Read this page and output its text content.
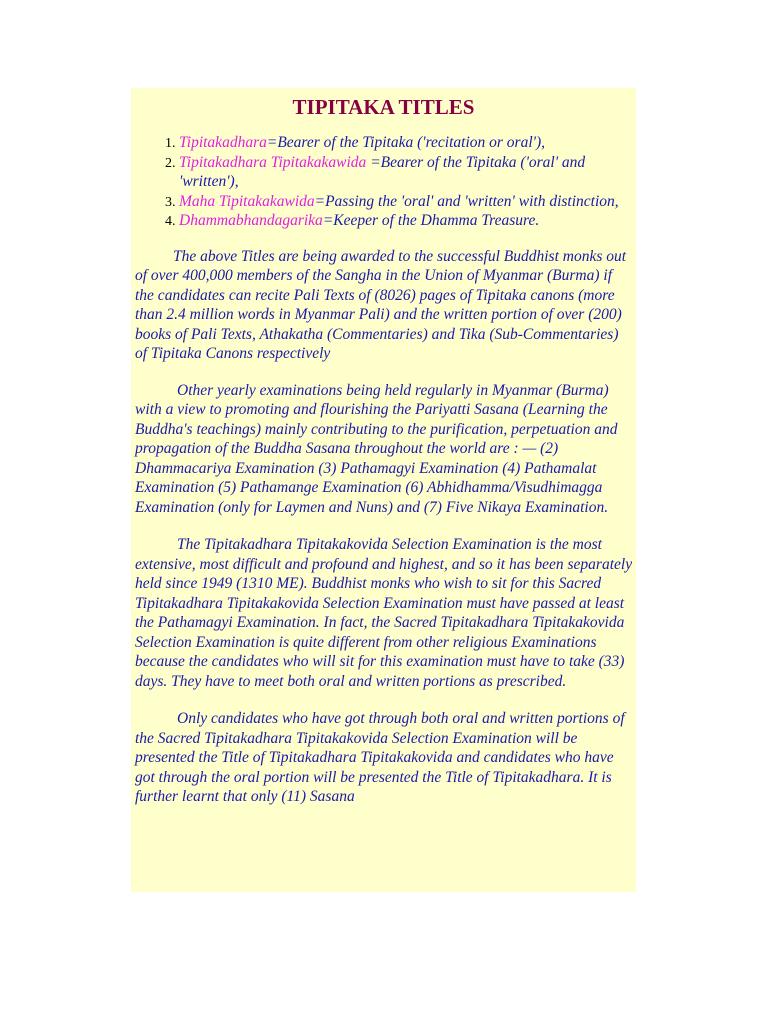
TIPITAKA TITLES
1. Tipitakadhara=Bearer of the Tipitaka ('recitation or oral'),
2. Tipitakadhara Tipitakakawida =Bearer of the Tipitaka ('oral' and 'written'),
3. Maha Tipitakakawida=Passing the 'oral' and 'written' with distinction,
4. Dhammabhandagarika=Keeper of the Dhamma Treasure.

The above Titles are being awarded to the successful Buddhist monks out of over 400,000 members of the Sangha in the Union of Myanmar (Burma) if the candidates can recite Pali Texts of (8026) pages of Tipitaka canons (more than 2.4 million words in Myanmar Pali) and the written portion of over (200) books of Pali Texts, Athakatha (Commentaries) and Tika (Sub-Commentaries) of Tipitaka Canons respectively

Other yearly examinations being held regularly in Myanmar (Burma) with a view to promoting and flourishing the Pariyatti Sasana (Learning the Buddha's teachings) mainly contributing to the purification, perpetuation and propagation of the Buddha Sasana throughout the world are : — (2) Dhammacariya Examination (3) Pathamagyi Examination (4) Pathamalat Examination (5) Pathamange Examination (6) Abhidhamma/Visudhimagga Examination (only for Laymen and Nuns) and (7) Five Nikaya Examination.

The Tipitakadhara Tipitakakovida Selection Examination is the most extensive, most difficult and profound and highest, and so it has been separately held since 1949 (1310 ME). Buddhist monks who wish to sit for this Sacred Tipitakadhara Tipitakakovida Selection Examination must have passed at least the Pathamagyi Examination. In fact, the Sacred Tipitakadhara Tipitakakovida Selection Examination is quite different from other religious Examinations because the candidates who will sit for this examination must have to take (33) days. They have to meet both oral and written portions as prescribed.

Only candidates who have got through both oral and written portions of the Sacred Tipitakadhara Tipitakakovida Selection Examination will be presented the Title of Tipitakadhara Tipitakakovida and candidates who have got through the oral portion will be presented the Title of Tipitakadhara. It is further learnt that only (11) Sasana
